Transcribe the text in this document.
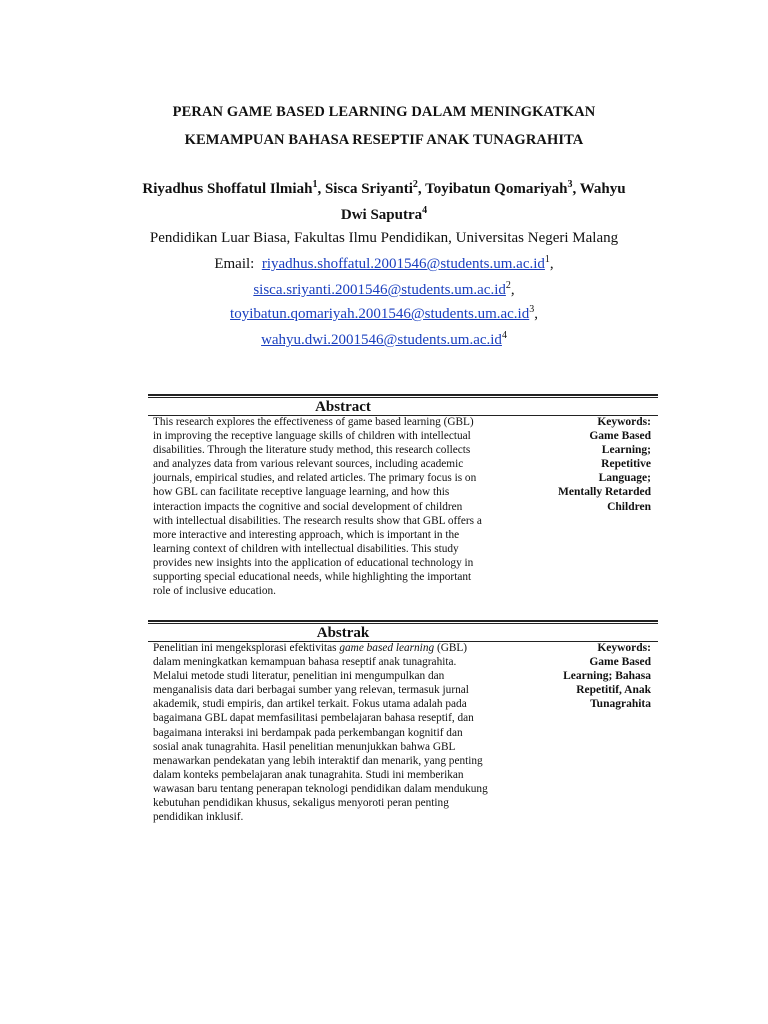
PERAN GAME BASED LEARNING DALAM MENINGKATKAN
KEMAMPUAN BAHASA RESEPTIF ANAK TUNAGRAHITA
Riyadhus Shoffatul Ilmiah$^1$, Sisca Sriyanti$^2$, Toyibatun Qomariyah$^3$, Wahyu
Dwi Saputra$^4$
Pendidikan Luar Biasa, Fakultas Ilmu Pendidikan, Universitas Negeri Malang
Email: $riyadhus.shoffatul.2001546@students.um.ac.id^1$,
$sisca.sriyanti.2001546@students.um.ac.id^2$,
$toyibatun.qomariyah.2001546@students.um.ac.id^3$,
$wahyu.dwi.2001546@students.um.ac.id^4$
Abstract
This research explores the effectiveness of game based learning (GBL)
in improving the receptive language skills of children with intellectual
disabilities. Through the literature study method, this research collects
and analyzes data from various relevant sources, including academic
journals, empirical studies, and related articles. The primary focus is on
how GBL can facilitate receptive language learning, and how this
interaction impacts the cognitive and social development of children
with intellectual disabilities. The research results show that GBL offers a
more interactive and interesting approach, which is important in the
learning context of children with intellectual disabilities. This study
provides new insights into the application of educational technology in
supporting special educational needs, while highlighting the important
role of inclusive education.
Keywords:
Game Based
Learning;
Repetitive
Language;
Mentally Retarded
Children
Abstrak
Penelitian ini mengeksplorasi efektivitas game based learning (GBL)
dalam meningkatkan kemampuan bahasa reseptif anak tunagrahita.
Melalui metode studi literatur, penelitian ini mengumpulkan dan
menganalisis data dari berbagai sumber yang relevan, termasuk jurnal
akademik, studi empiris, dan artikel terkait. Fokus utama adalah pada
bagaimana GBL dapat memfasilitasi pembelajaran bahasa reseptif, dan
bagaimana interaksi ini berdampak pada perkembangan kognitif dan
sosial anak tunagrahita. Hasil penelitian menunjukkan bahwa GBL
menawarkan pendekatan yang lebih interaktif dan menarik, yang penting
dalam konteks pembelajaran anak tunagrahita. Studi ini memberikan
wawasan baru tentang penerapan teknologi pendidikan dalam mendukung
kebutuhan pendidikan khusus, sekaligus menyoroti peran penting
pendidikan inklusif.
Keywords:
Game Based
Learning; Bahasa
Repetitif, Anak
Tunagrahita
